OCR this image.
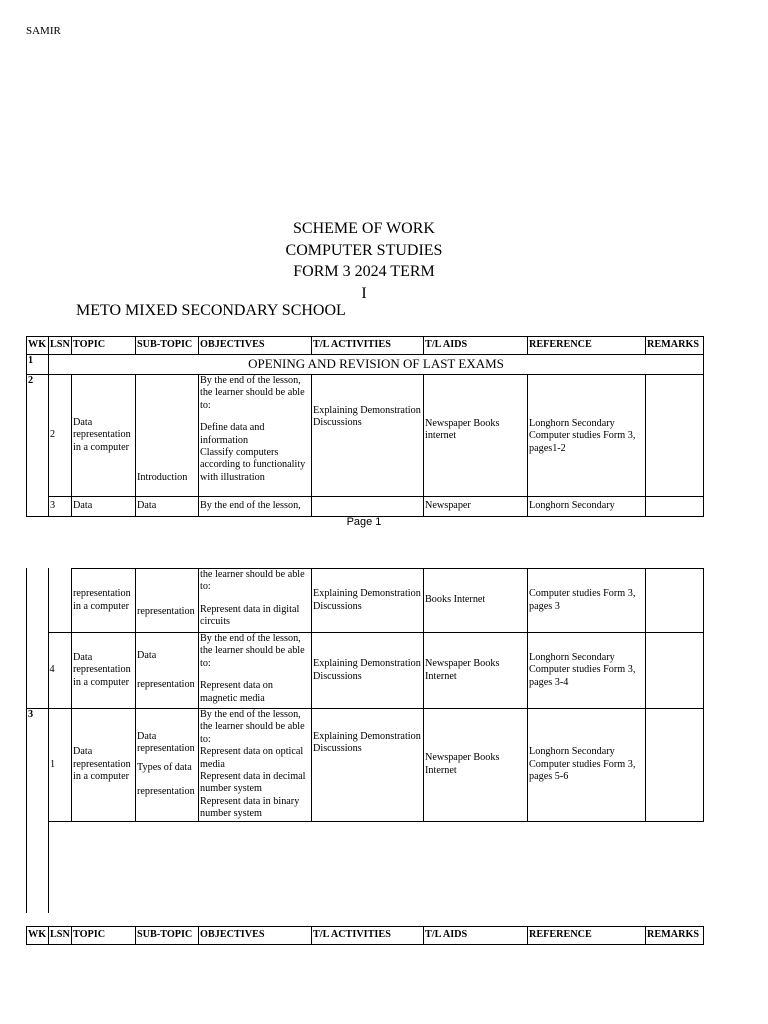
SAMIR
SCHEME OF WORK
COMPUTER STUDIES
FORM 3 2024 TERM
I
METO MIXED SECONDARY SCHOOL
WK	LSN	TOPIC	SUB-TOPIC	OBJECTIVES	T/L ACTIVITIES	T/L AIDS	REFERENCE	REMARKS
1	OPENING AND REVISION OF LAST EXAMS							
2	2	Data representation in a computer	Introduction	By the end of the lesson, the learner should be able to:
Define data and information
Classify computers according to functionality with illustration	Explaining Demonstration Discussions	Newspaper Books internet	Longhorn Secondary Computer studies Form 3, pages1-2	
	3	Data	Data	By the end of the lesson,		Newspaper	Longhorn Secondary	
Page 1
		representation in a computer	representation	the learner should be able to:
Represent data in digital circuits	Explaining Demonstration Discussions	Books Internet	Computer studies Form 3, pages 3	
	4	Data representation in a computer	Data
representation	By the end of the lesson, the learner should be able to:
Represent data on magnetic media	Explaining Demonstration Discussions	Newspaper Books Internet	Longhorn Secondary Computer studies Form 3, pages 3-4	
3	1	Data representation in a computer	Data representation
Types of data
representation	By the end of the lesson, the learner should be able to:
Represent data on optical media
Represent data in decimal number system
Represent data in binary number system	Explaining Demonstration Discussions	Newspaper Books Internet	Longhorn Secondary Computer studies Form 3, pages 5-6	
WK	LSN	TOPIC	SUB-TOPIC	OBJECTIVES	T/L ACTIVITIES	T/L AIDS	REFERENCE	REMARKS
